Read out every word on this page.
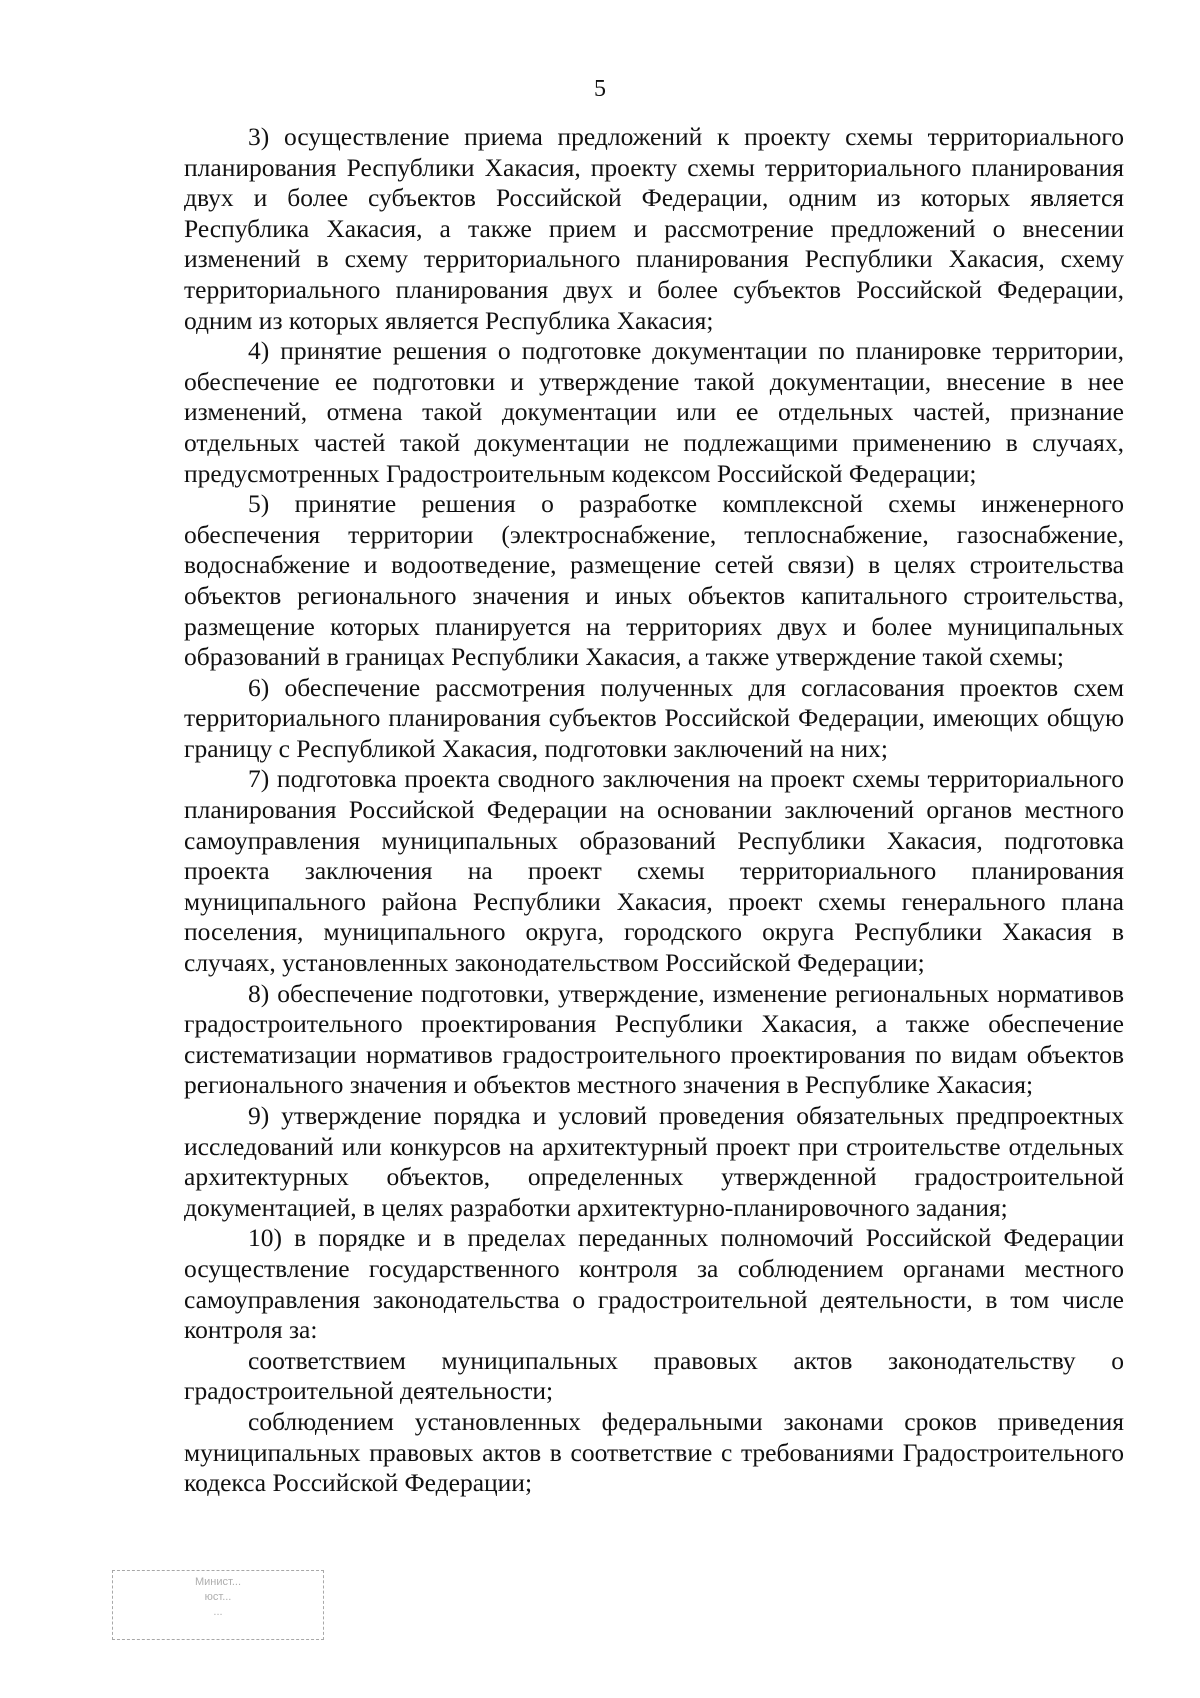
5

3) осуществление приема предложений к проекту схемы территориального планирования Республики Хакасия, проекту схемы территориального планирования двух и более субъектов Российской Федерации, одним из которых является Республика Хакасия, а также прием и рассмотрение предложений о внесении изменений в схему территориального планирования Республики Хакасия, схему территориального планирования двух и более субъектов Российской Федерации, одним из которых является Республика Хакасия;

4) принятие решения о подготовке документации по планировке территории, обеспечение ее подготовки и утверждение такой документации, внесение в нее изменений, отмена такой документации или ее отдельных частей, признание отдельных частей такой документации не подлежащими применению в случаях, предусмотренных Градостроительным кодексом Российской Федерации;

5) принятие решения о разработке комплексной схемы инженерного обеспечения территории (электроснабжение, теплоснабжение, газоснабжение, водоснабжение и водоотведение, размещение сетей связи) в целях строительства объектов регионального значения и иных объектов капитального строительства, размещение которых планируется на территориях двух и более муниципальных образований в границах Республики Хакасия, а также утверждение такой схемы;

6) обеспечение рассмотрения полученных для согласования проектов схем территориального планирования субъектов Российской Федерации, имеющих общую границу с Республикой Хакасия, подготовки заключений на них;

7) подготовка проекта сводного заключения на проект схемы территориального планирования Российской Федерации на основании заключений органов местного самоуправления муниципальных образований Республики Хакасия, подготовка проекта заключения на проект схемы территориального планирования муниципального района Республики Хакасия, проект схемы генерального плана поселения, муниципального округа, городского округа Республики Хакасия в случаях, установленных законодательством Российской Федерации;

8) обеспечение подготовки, утверждение, изменение региональных нормативов градостроительного проектирования Республики Хакасия, а также обеспечение систематизации нормативов градостроительного проектирования по видам объектов регионального значения и объектов местного значения в Республике Хакасия;

9) утверждение порядка и условий проведения обязательных предпроектных исследований или конкурсов на архитектурный проект при строительстве отдельных архитектурных объектов, определенных утвержденной градостроительной документацией, в целях разработки архитектурно-планировочного задания;

10) в порядке и в пределах переданных полномочий Российской Федерации осуществление государственного контроля за соблюдением органами местного самоуправления законодательства о градостроительной деятельности, в том числе контроля за:

соответствием муниципальных правовых актов законодательству о градостроительной деятельности;

соблюдением установленных федеральными законами сроков приведения муниципальных правовых актов в соответствие с требованиями Градостроительного кодекса Российской Федерации;

Минист...
юст...
...
